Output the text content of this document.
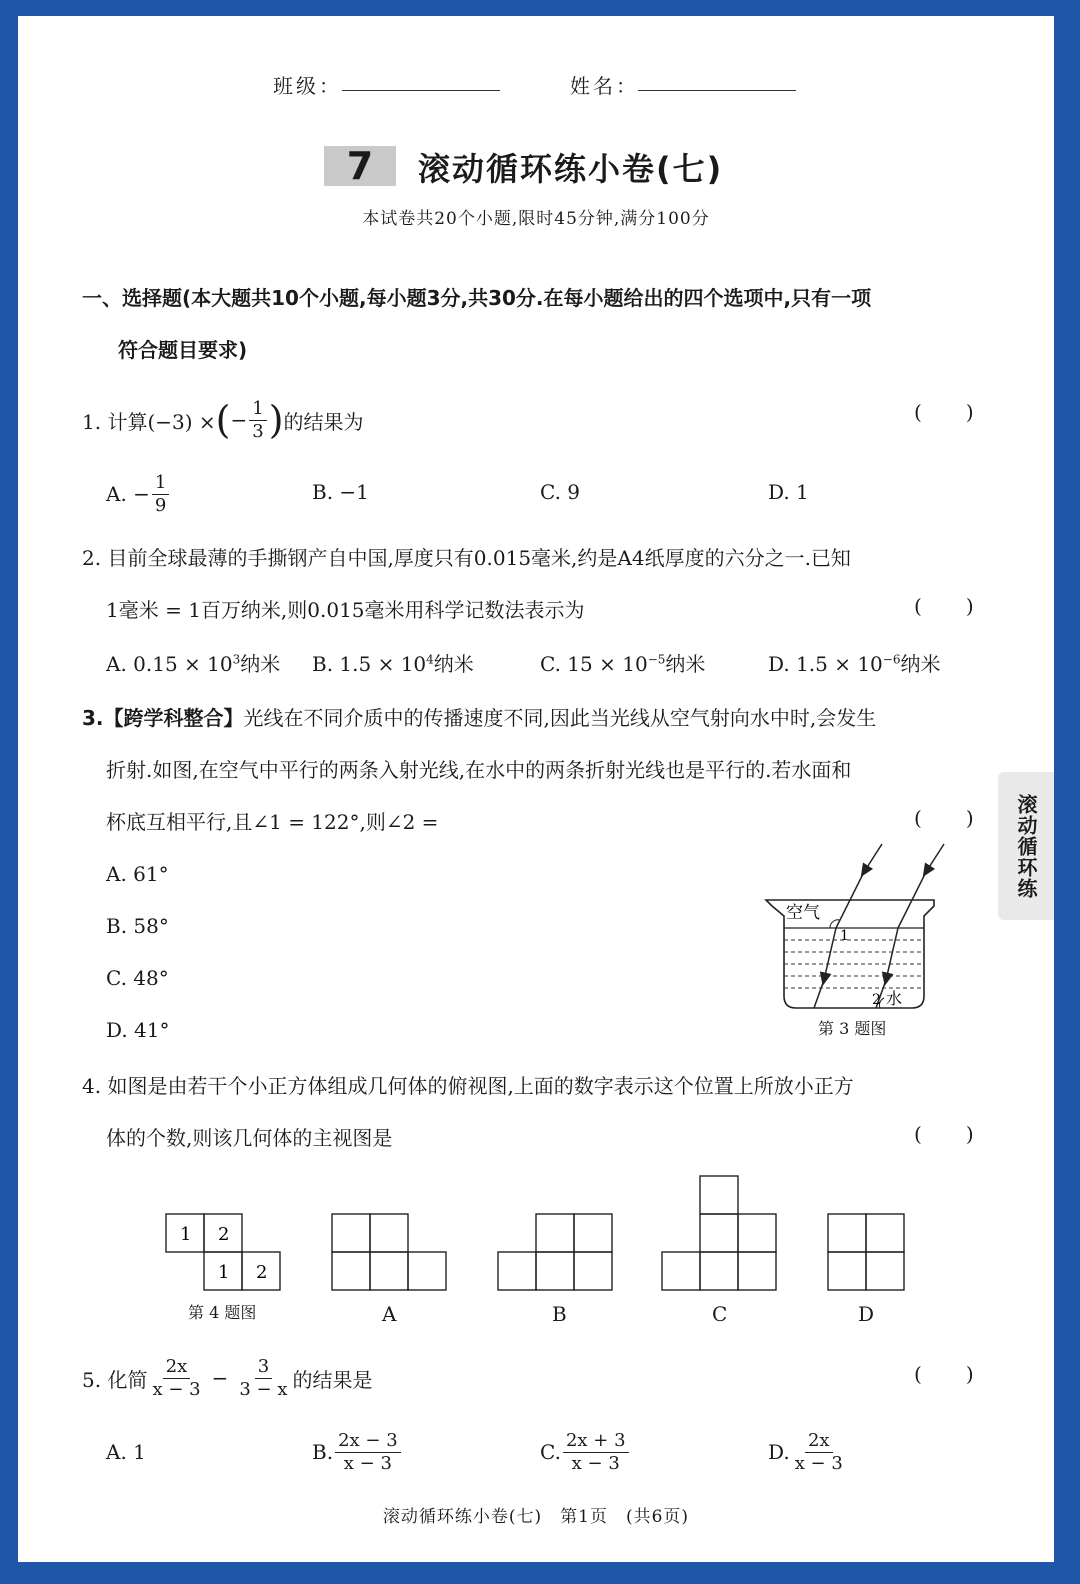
班级：	姓名：
7	滚动循环练小卷(七)
本试卷共20个小题,限时45分钟,满分100分
一、选择题(本大题共10个小题,每小题3分,共30分.在每小题给出的四个选项中,只有一项
符合题目要求)
1. 计算(−3) × ( − $\frac{1}{3}$ ) 的结果为	( )
A. − $\frac{1}{9}$	B. −1	C. 9	D. 1
2. 目前全球最薄的手撕钢产自中国,厚度只有0.015毫米,约是A4纸厚度的六分之一.已知
1毫米 = 1百万纳米,则0.015毫米用科学记数法表示为	( )
A. $0.15 \times 10^3$纳米 B. $1.5 \times 10^4$纳米	C. $15 \times 10^{-5}$纳米	D. $1.5 \times 10^{-6}$纳米
3.【跨学科整合】光线在不同介质中的传播速度不同,因此当光线从空气射向水中时,会发生
折射.如图,在空气中平行的两条入射光线,在水中的两条折射光线也是平行的.若水面和
杯底互相平行,且∠1 = 122°,则∠2 =	( )
A. 61°
B. 58°
C. 48°
D. 41°
空气
1
2 水
第 3 题图
滚动循环练
4. 如图是由若干个小正方体组成几何体的俯视图,上面的数字表示这个位置上所放小正方
体的个数,则该几何体的主视图是	( )
1 2
1 2
第 4 题图	A	B	C	D
5. 化简 $\frac{2x}{x - 3} - \frac{3}{3 - x}$ 的结果是	( )
A. 1	B. $\frac{2x - 3}{x - 3}$	C. $\frac{2x + 3}{x - 3}$	D. $\frac{2x}{x - 3}$
滚动循环练小卷(七)　第1页　(共6页)
